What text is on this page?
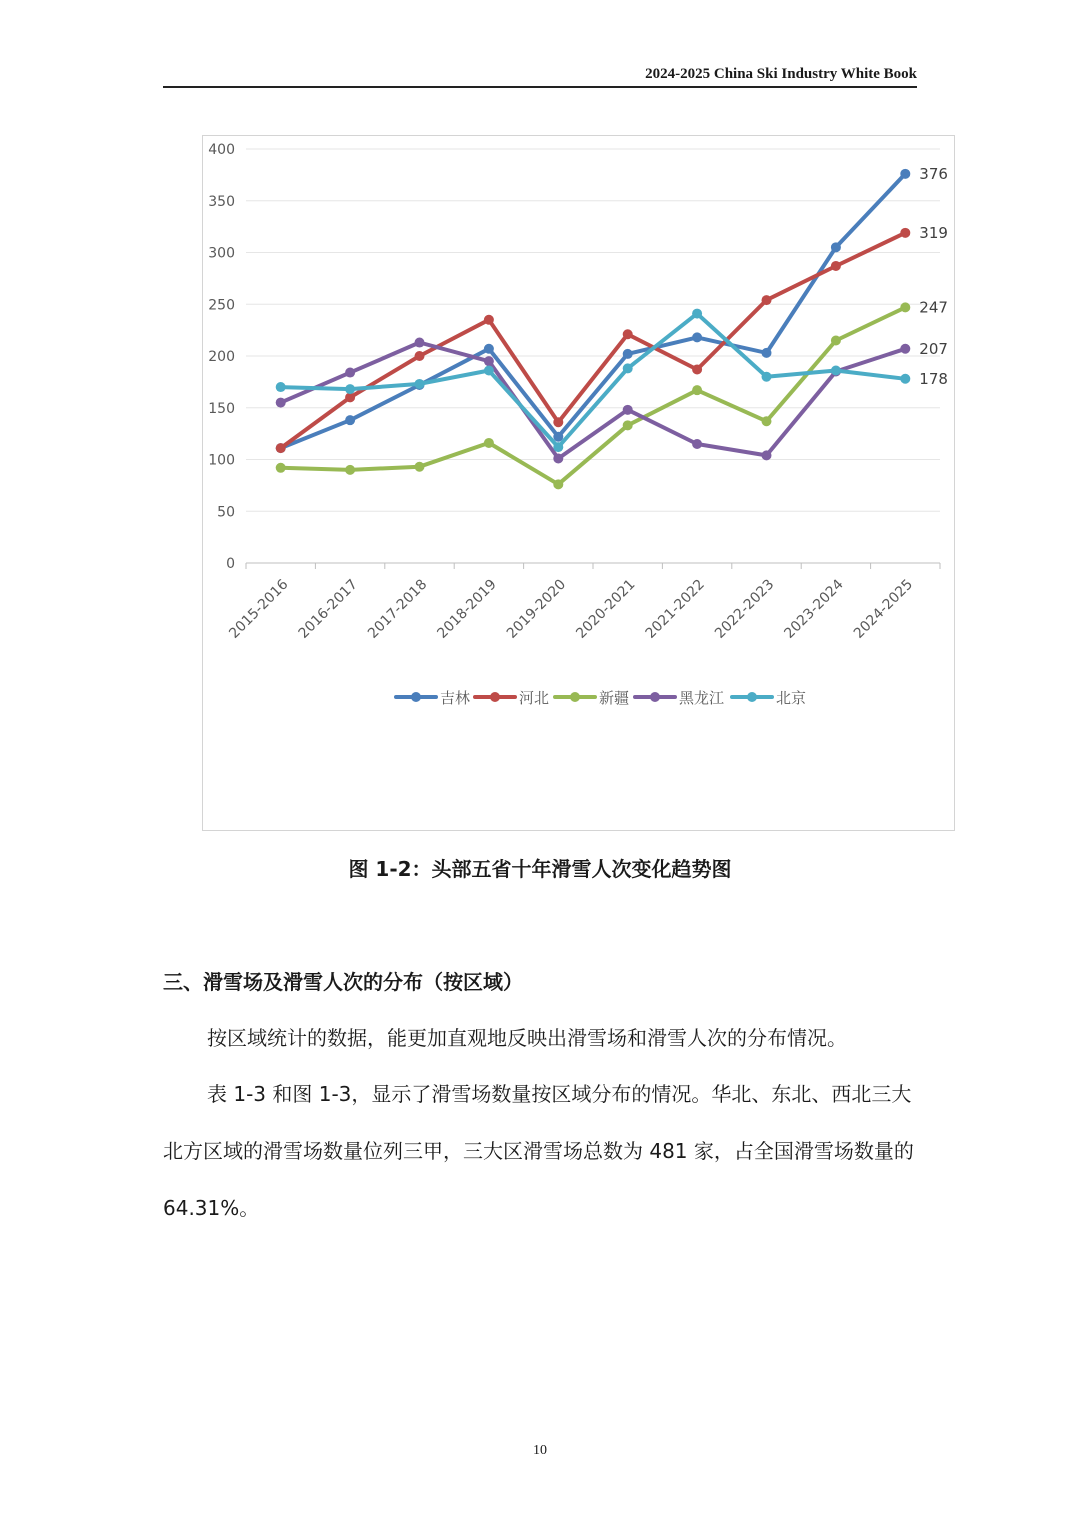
2024-2025 China Ski Industry White Book
0
50
100
150
200
250
300
350
400
2015-2016 2016-2017 2017-2018 2018-2019 2019-2020 2020-2021 2021-2022 2022-2023 2023-2024 2024-2025
376
319
247
207
178
吉林	河北	新疆	黑龙江	北京
图 1-2：头部五省十年滑雪人次变化趋势图
三、滑雪场及滑雪人次的分布（按区域）

按区域统计的数据，能更加直观地反映出滑雪场和滑雪人次的分布情况。

表 1-3 和图 1-3，显示了滑雪场数量按区域分布的情况。华北、东北、西北三大北方区域的滑雪场数量位列三甲，三大区滑雪场总数为 481 家，占全国滑雪场数量的 64.31%。

10
